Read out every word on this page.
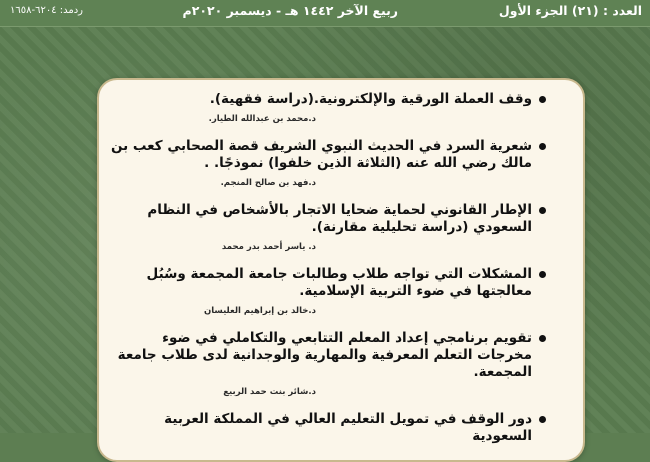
العدد : (٢١) الجزء الأول
ربيع الآخر ١٤٤٢ هـ - ديسمبر ٢٠٢٠م
ردمد: ٦٢٠٤-١٦٥٨
وقف العملة الورقية والإلكترونية.(دراسة فقهية).
د.محمد بن عبدالله الطيار.
شعرية السرد في الحديث النبوي الشريف قصة الصحابي كعب بن مالك رضي الله عنه (الثلاثة الذين خلفوا) نموذجًا. .
د.فهد بن صالح المنجم.
الإطار القانوني لحماية ضحايا الاتجار بالأشخاص في النظام السعودي (دراسة تحليلية مقارنة).
د. ياسر أحمد بدر محمد
المشكلات التي تواجه طلاب وطالبات جامعة المجمعة وسُبُل معالجتها في ضوء التربية الإسلامية.
د.خالد بن إبراهيم العليسان
تقويم برنامجي إعداد المعلم التتابعي والتكاملي في ضوء مخرجات التعلم المعرفية والمهارية والوجدانية لدى طلاب جامعة المجمعة.
د.شائر بنت حمد الربيع
دور الوقف في تمويل التعليم العالي في المملكة العربية السعودية
